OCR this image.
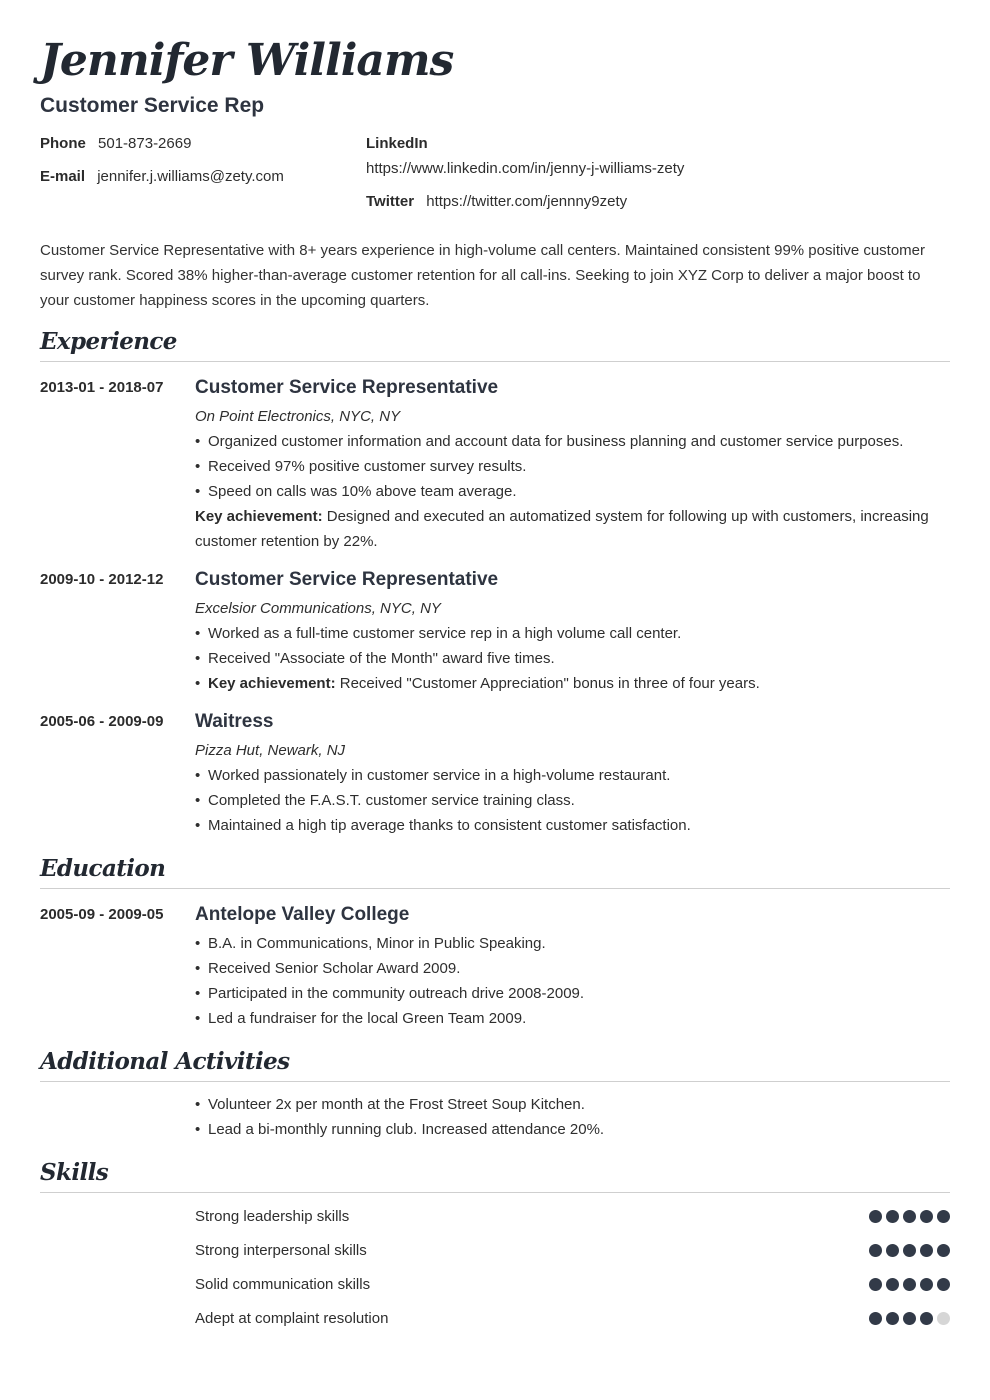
Jennifer Williams
Customer Service Rep
Phone 501-873-2669
E-mail jennifer.j.williams@zety.com
LinkedIn
https://www.linkedin.com/in/jenny-j-williams-zety
Twitter https://twitter.com/jennny9zety
Customer Service Representative with 8+ years experience in high-volume call centers. Maintained consistent 99% positive customer survey rank. Scored 38% higher-than-average customer retention for all call-ins. Seeking to join XYZ Corp to deliver a major boost to your customer happiness scores in the upcoming quarters.
Experience
2013-01 - 2018-07	Customer Service Representative
On Point Electronics, NYC, NY
• Organized customer information and account data for business planning and customer service purposes.
• Received 97% positive customer survey results.
• Speed on calls was 10% above team average.
Key achievement: Designed and executed an automatized system for following up with customers, increasing customer retention by 22%.
2009-10 - 2012-12	Customer Service Representative
Excelsior Communications, NYC, NY
• Worked as a full-time customer service rep in a high volume call center.
• Received "Associate of the Month" award five times.
• Key achievement: Received "Customer Appreciation" bonus in three of four years.
2005-06 - 2009-09	Waitress
Pizza Hut, Newark, NJ
• Worked passionately in customer service in a high-volume restaurant.
• Completed the F.A.S.T. customer service training class.
• Maintained a high tip average thanks to consistent customer satisfaction.
Education
2005-09 - 2009-05	Antelope Valley College
• B.A. in Communications, Minor in Public Speaking.
• Received Senior Scholar Award 2009.
• Participated in the community outreach drive 2008-2009.
• Led a fundraiser for the local Green Team 2009.
Additional Activities
• Volunteer 2x per month at the Frost Street Soup Kitchen.
• Lead a bi-monthly running club. Increased attendance 20%.
Skills
Strong leadership skills
Strong interpersonal skills
Solid communication skills
Adept at complaint resolution
